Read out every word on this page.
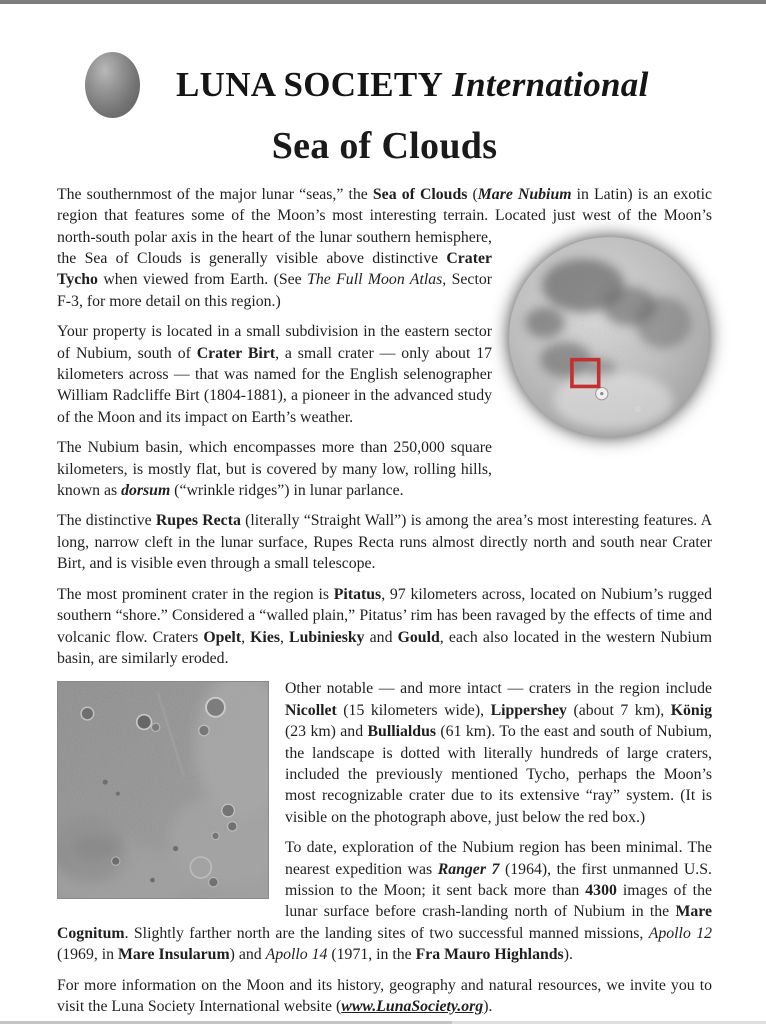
LUNA SOCIETY International
Sea of Clouds

The southernmost of the major lunar “seas,” the Sea of Clouds (Mare Nubium in Latin) is an exotic region that features some of the Moon’s most interesting terrain. Located just west of the Moon’s north-south polar axis in the heart of the lunar southern hemisphere, the Sea of Clouds is generally visible above distinctive Crater Tycho when viewed from Earth. (See The Full Moon Atlas, Sector F-3, for more detail on this region.)

Your property is located in a small subdivision in the eastern sector of Nubium, south of Crater Birt, a small crater — only about 17 kilometers across — that was named for the English selenographer William Radcliffe Birt (1804-1881), a pioneer in the advanced study of the Moon and its impact on Earth’s weather.

The Nubium basin, which encompasses more than 250,000 square kilometers, is mostly flat, but is covered by many low, rolling hills, known as dorsum (“wrinkle ridges”) in lunar parlance.

The distinctive Rupes Recta (literally “Straight Wall”) is among the area’s most interesting features. A long, narrow cleft in the lunar surface, Rupes Recta runs almost directly north and south near Crater Birt, and is visible even through a small telescope.

The most prominent crater in the region is Pitatus, 97 kilometers across, located on Nubium’s rugged southern “shore.” Considered a “walled plain,” Pitatus’ rim has been ravaged by the effects of time and volcanic flow. Craters Opelt, Kies, Lubiniesky and Gould, each also located in the western Nubium basin, are similarly eroded.

Other notable — and more intact — craters in the region include Nicollet (15 kilometers wide), Lippershey (about 7 km), König (23 km) and Bullialdus (61 km). To the east and south of Nubium, the landscape is dotted with literally hundreds of large craters, included the previously mentioned Tycho, perhaps the Moon’s most recognizable crater due to its extensive “ray” system. (It is visible on the photograph above, just below the red box.)

To date, exploration of the Nubium region has been minimal. The nearest expedition was Ranger 7 (1964), the first unmanned U.S. mission to the Moon; it sent back more than 4300 images of the lunar surface before crash-landing north of Nubium in the Mare Cognitum. Slightly farther north are the landing sites of two successful manned missions, Apollo 12 (1969, in Mare Insularum) and Apollo 14 (1971, in the Fra Mauro Highlands).

For more information on the Moon and its history, geography and natural resources, we invite you to visit the Luna Society International website (www.LunaSociety.org).
